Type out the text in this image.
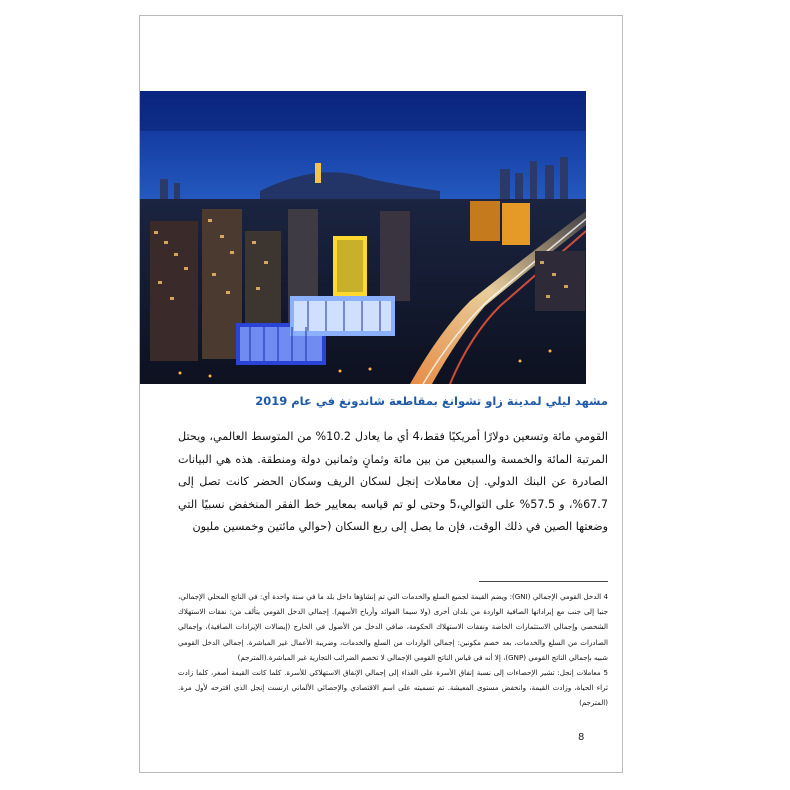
مشهد ليلي لمدينة زاو تشوانغ بمقاطعة شاندونغ في عام 2019

القومي مائة وتسعين دولارًا أمريكيًا فقط،4 أي ما يعادل 10.2% من المتوسط العالمي، ويحتل المرتبة المائة والخمسة والسبعين من بين مائة وثمانٍ وثمانين دولة ومنطقة. هذه هي البيانات الصادرة عن البنك الدولي. إن معاملات إنجل لسكان الريف وسكان الحضر كانت تصل إلى 67.7%، و 57.5% على التوالي،5 وحتى لو تم قياسه بمعايير خط الفقر المنخفض نسبيًا التي وضعتها الصين في ذلك الوقت، فإن ما يصل إلى ربع السكان (حوالي مائتين وخمسين مليون

4 الدخل القومي الإجمالي (GNI): ويضم القيمة لجميع السلع والخدمات التي تم إنشاؤها داخل بلد ما في سنة واحدة أي: في الناتج المحلي الإجمالي، جنبا إلى جنب مع إيراداتها الصافية الواردة من بلدان أخرى (ولا سيما الفوائد وأرباح الأسهم). إجمالي الدخل القومي يتألف من: نفقات الاستهلاك الشخصي وإجمالي الاستثمارات الخاصة ونفقات الاستهلاك الحكومة، صافي الدخل من الأصول في الخارج (إيصالات الإيرادات الصافية)، وإجمالي الصادرات من السلع والخدمات، بعد خصم مكونين: إجمالي الواردات من السلع والخدمات، وضريبة الأعمال غير المباشرة. إجمالي الدخل القومي شبيه بإجمالي الناتج القومي (GNP)، إلا أنه في قياس الناتج القومي الإجمالي لا تخصم الضرائب التجارية غير المباشرة.(المترجم)

5 معاملات إنجل: تشير الإحصاءات إلى نسبة إنفاق الأسرة على الغذاء إلى إجمالي الإنفاق الاستهلاكي للأسرة. كلما كانت القيمة أصغر، كلما زادت ثراء الحياة، وزادت القيمة، وانخفض مستوى المعيشة. تم تسميته على اسم الاقتصادي والإحصائي الألماني ارنست إنجل الذي اقترحه لأول مرة.(المترجم)

8
